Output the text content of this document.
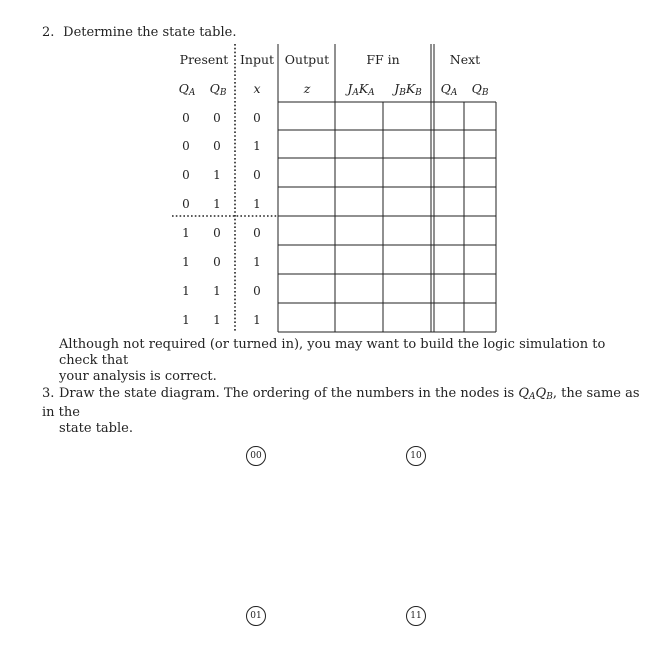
2. Determine the state table.
Present Input Output	FF in	Next
$Q_A$ $Q_B$	x	z	$J_AK_A$	$J_BK_B$	$Q_A$ $Q_B$
0	0	0
0	0	1
0	1	0
0	1	1
1	0	0
1	0	1
1	1	0
1	1	1
Although not required (or turned in), you may want to build the logic simulation to check that
your analysis is correct.
3. Draw the state diagram. The ordering of the numbers in the nodes is $Q_AQ_B$, the same as in the
state table.
00	10
01	11
